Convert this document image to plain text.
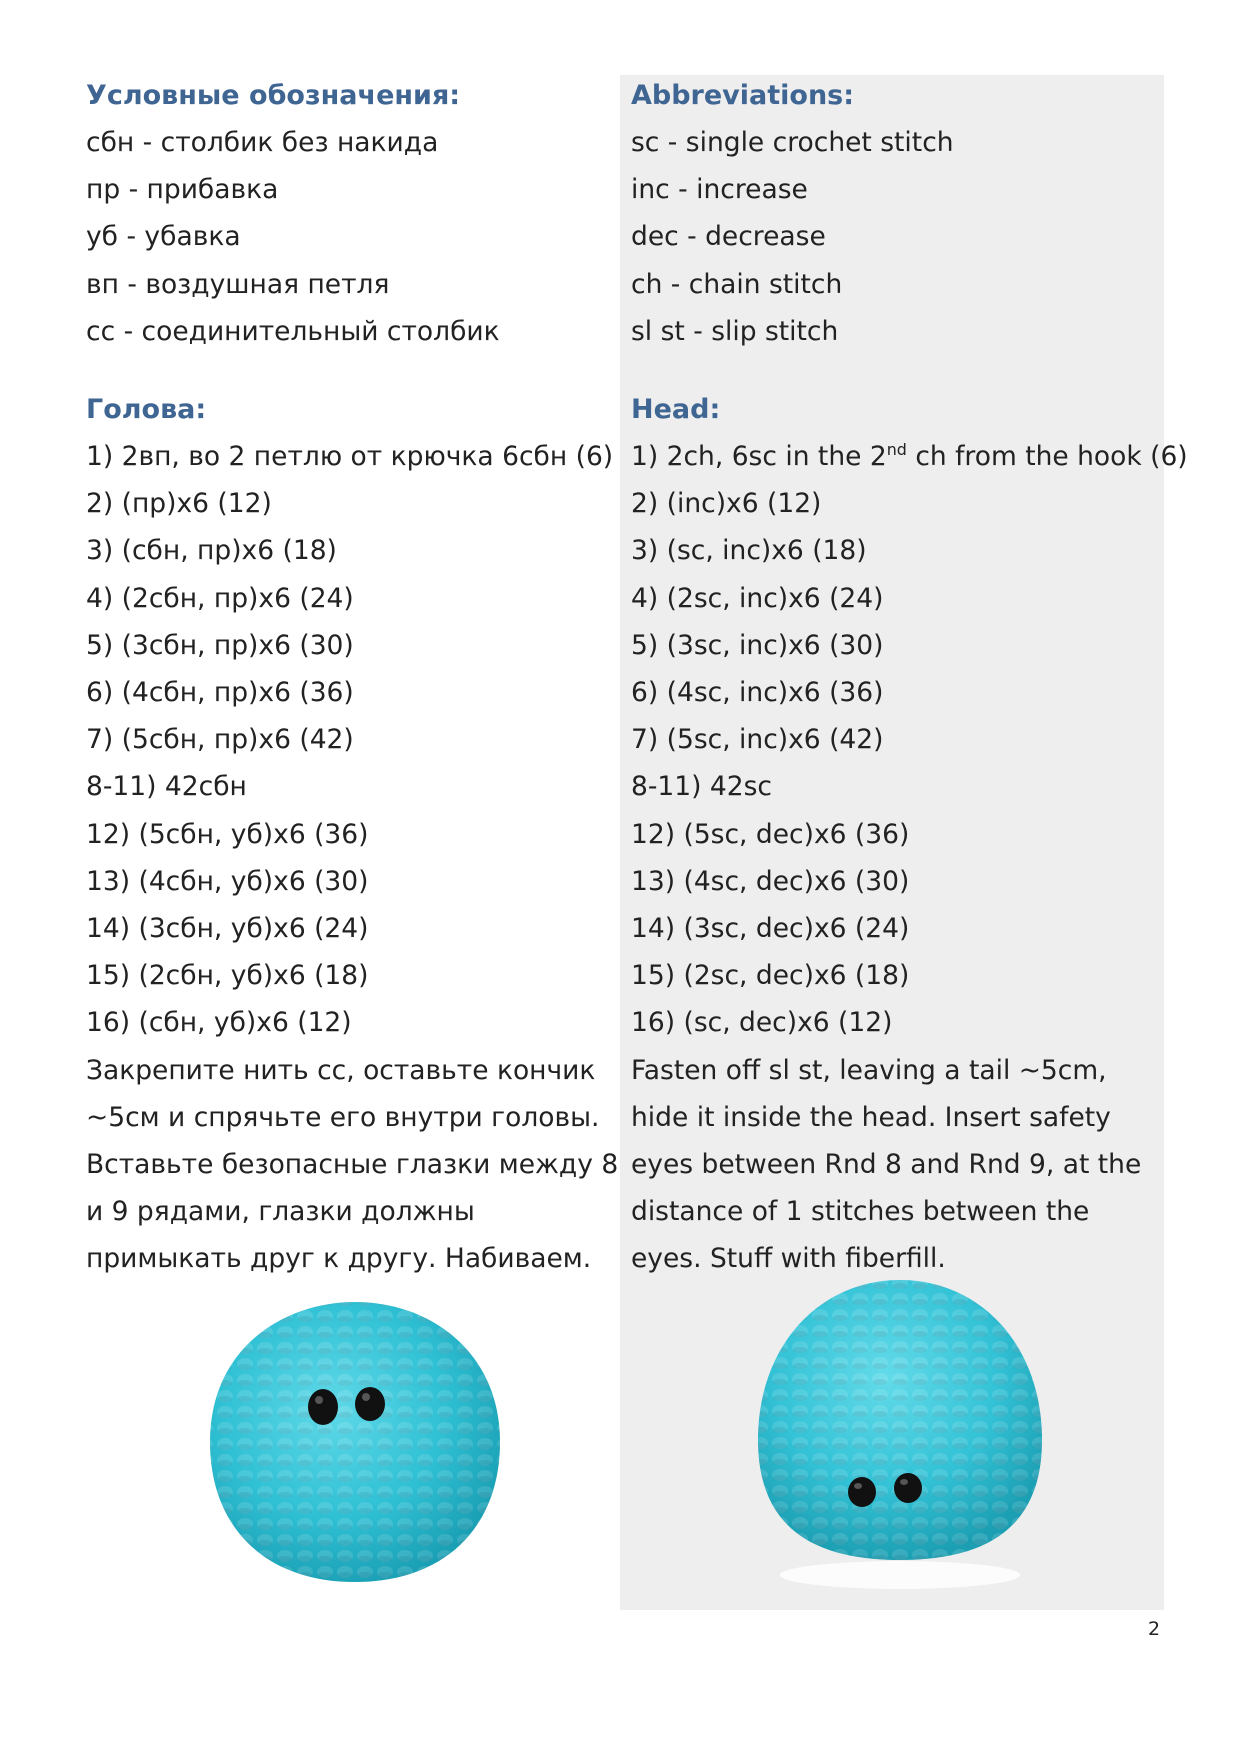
Условные обозначения:
сбн - столбик без накида
пр - прибавка
уб - убавка
вп - воздушная петля
сс - соединительный столбик
Голова:
1) 2вп, во 2 петлю от крючка 6сбн (6)
2) (пр)х6 (12)
3) (сбн, пр)х6 (18)
4) (2сбн, пр)х6 (24)
5) (3сбн, пр)х6 (30)
6) (4сбн, пр)х6 (36)
7) (5сбн, пр)х6 (42)
8-11) 42сбн
12) (5сбн, уб)х6 (36)
13) (4сбн, уб)х6 (30)
14) (3сбн, уб)х6 (24)
15) (2сбн, уб)х6 (18)
16) (сбн, уб)х6 (12)
Закрепите нить сс, оставьте кончик
~5см и спрячьте его внутри головы.
Вставьте безопасные глазки между 8
и 9 рядами, глазки должны
примыкать друг к другу. Набиваем.
Abbreviations:
sc - single crochet stitch
inc - increase
dec - decrease
ch - chain stitch
sl st - slip stitch
Head:
1) 2ch, 6sc in the 2nd ch from the hook (6)
2) (inc)x6 (12)
3) (sc, inc)x6 (18)
4) (2sc, inc)x6 (24)
5) (3sc, inc)x6 (30)
6) (4sc, inc)x6 (36)
7) (5sc, inc)x6 (42)
8-11) 42sc
12) (5sc, dec)x6 (36)
13) (4sc, dec)x6 (30)
14) (3sc, dec)x6 (24)
15) (2sc, dec)x6 (18)
16) (sc, dec)x6 (12)
Fasten off sl st, leaving a tail ~5cm,
hide it inside the head. Insert safety
eyes between Rnd 8 and Rnd 9, at the
distance of 1 stitches between the
eyes. Stuff with fiberfill.
2
